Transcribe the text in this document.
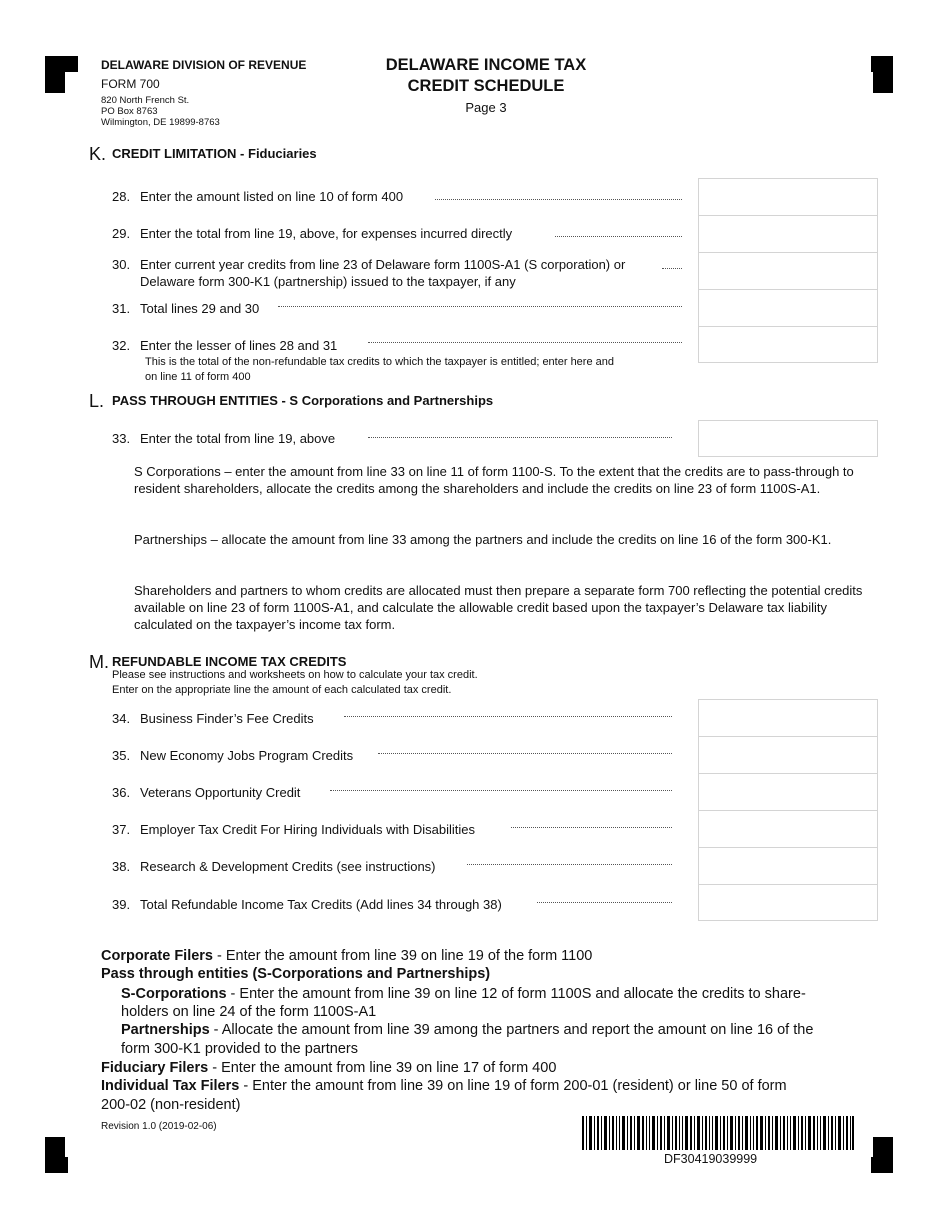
DELAWARE DIVISION OF REVENUE
FORM 700
820 North French St.
PO Box 8763
Wilmington, DE 19899-8763
DELAWARE INCOME TAX
CREDIT SCHEDULE
Page 3
K. CREDIT LIMITATION - Fiduciaries
28. Enter the amount listed on line 10 of form 400
29. Enter the total from line 19, above, for expenses incurred directly
30. Enter current year credits from line 23 of Delaware form 1100S-A1 (S corporation) or
Delaware form 300-K1 (partnership) issued to the taxpayer, if any
31. Total lines 29 and 30
32. Enter the lesser of lines 28 and 31
This is the total of the non-refundable tax credits to which the taxpayer is entitled; enter here and
on line 11 of form 400
L. PASS THROUGH ENTITIES - S Corporations and Partnerships
33. Enter the total from line 19, above
S Corporations – enter the amount from line 33 on line 11 of form 1100-S. To the extent that the credits are to pass-through to resident shareholders, allocate the credits among the shareholders and include the credits on line 23 of form 1100S-A1.
Partnerships – allocate the amount from line 33 among the partners and include the credits on line 16 of the form 300-K1.
Shareholders and partners to whom credits are allocated must then prepare a separate form 700 reflecting the potential credits available on line 23 of form 1100S-A1, and calculate the allowable credit based upon the taxpayer’s Delaware tax liability calculated on the taxpayer’s income tax form.
M. REFUNDABLE INCOME TAX CREDITS
Please see instructions and worksheets on how to calculate your tax credit.
Enter on the appropriate line the amount of each calculated tax credit.
34. Business Finder’s Fee Credits
35. New Economy Jobs Program Credits
36. Veterans Opportunity Credit
37. Employer Tax Credit For Hiring Individuals with Disabilities
38. Research & Development Credits (see instructions)
39. Total Refundable Income Tax Credits (Add lines 34 through 38)
Corporate Filers - Enter the amount from line 39 on line 19 of the form 1100
Pass through entities (S-Corporations and Partnerships)
S-Corporations - Enter the amount from line 39 on line 12 of form 1100S and allocate the credits to share-
holders on line 24 of the form 1100S-A1
Partnerships - Allocate the amount from line 39 among the partners and report the amount on line 16 of the
form 300-K1 provided to the partners
Fiduciary Filers - Enter the amount from line 39 on line 17 of form 400
Individual Tax Filers - Enter the amount from line 39 on line 19 of form 200-01 (resident) or line 50 of form
200-02 (non-resident)
Revision 1.0 (2019-02-06)
DF30419039999
